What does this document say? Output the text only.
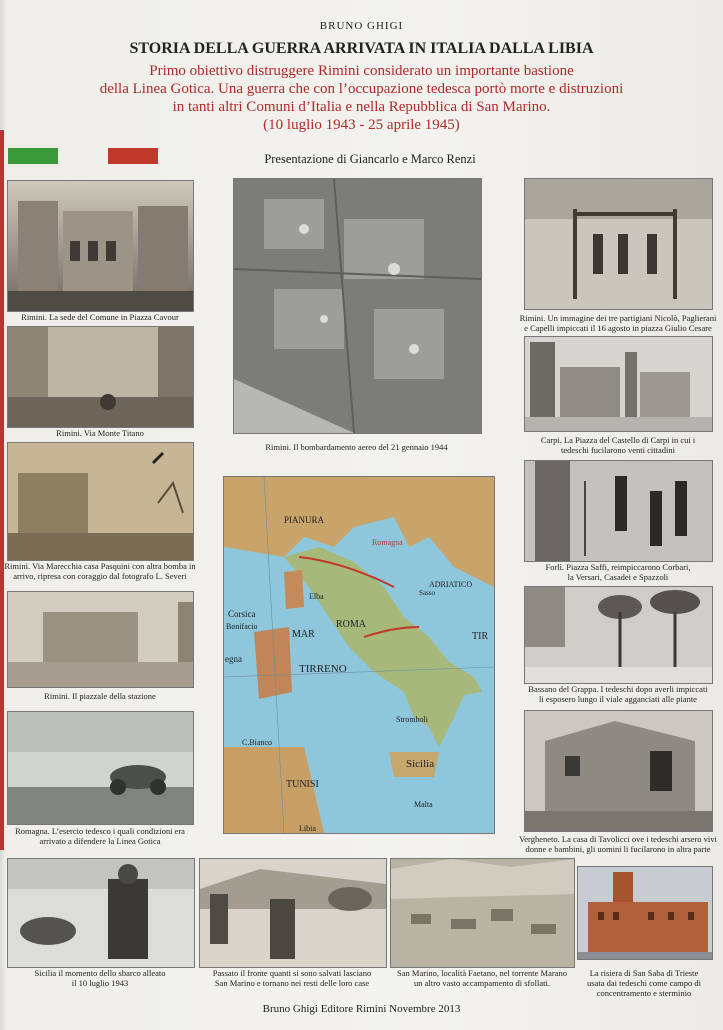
BRUNO GHIGI
STORIA DELLA GUERRA ARRIVATA IN ITALIA DALLA LIBIA
Primo obiettivo distruggere Rimini considerato un importante bastione
della Linea Gotica. Una guerra che con l’occupazione tedesca portò morte e distruzioni
in tanti altri Comuni d’Italia e nella Repubblica di San Marino.
(10 luglio 1943 - 25 aprile 1945)
Presentazione di Giancarlo e Marco Renzi
Rimini. La sede del Comune in Piazza Cavour
Rimini. Via Monte Titano
Rimini. Via Marecchia casa Pasquini con altra bomba in
arrivo, ripresa con coraggio dal fotografo L. Severi
Rimini. Il piazzale della stazione
Romagna. L’esercio tedesco i quali condizioni era
arrivato a difendere la Linea Gotica
Rimini. Il bombardamento aereo del 21 gennaio 1944
Corsica
Elba
ROMA
Bonifacio
MAR
TIRRENO
TIR
Sicilia
Stromboli
Malta
Libia
TUNISI
C.Bianco
egna
Romagna
ADRIATICO
PIANURA
Sasso
Rimini. Un immagine dei tre partigiani Nicolò, Paglierani
e Capelli impiccati il 16 agosto in piazza Giulio Cesare
Carpi. La Piazza del Castello di Carpi in cui i
tedeschi fucilarono venti cittadini
Forlì. Piazza Saffi, reimpiccarono Corbari,
la Versari, Casadei e Spazzoli
Bassano del Grappa. I tedeschi dopo averli impiccati
li esposero lungo il viale agganciati alle piante
Vergheneto. La casa di Tavolicci ove i tedeschi arsero vivi
donne e bambini, gli uomini li fucilarono in altra parte
Sicilia il momento dello sbarco alleato
il 10 luglio 1943
Passato il fronte quanti si sono salvati lasciano
San Marino e tornano nei resti delle loro case
San Marino, località Faetano, nel torrente Marano
un altro vasto accampamento di sfollati.
La risiera di San Saba di Trieste
usata dai tedeschi come campo di
concentramento e sterminio
Bruno Ghigi Editore Rimini Novembre 2013
